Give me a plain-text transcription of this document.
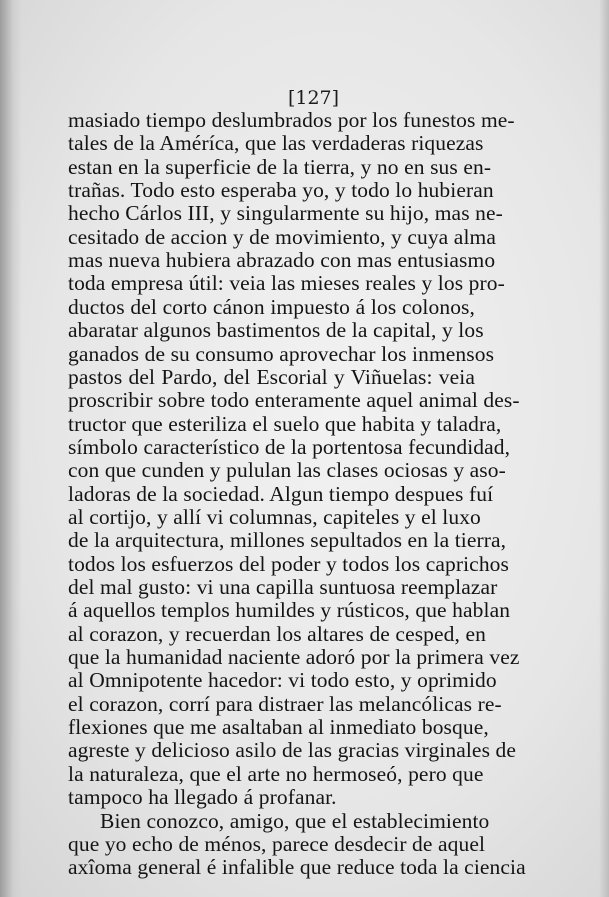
[127]
masiado tiempo deslumbrados por los funestos me-
tales de la Améríca, que las verdaderas riquezas
estan en la superficie de la tierra, y no en sus en-
trañas. Todo esto esperaba yo, y todo lo hubieran
hecho Cárlos III, y singularmente su hijo, mas ne-
cesitado de accion y de movimiento, y cuya alma
mas nueva hubiera abrazado con mas entusiasmo
toda empresa útil: veia las mieses reales y los pro-
ductos del corto cánon impuesto á los colonos,
abaratar algunos bastimentos de la capital, y los
ganados de su consumo aprovechar los inmensos
pastos del Pardo, del Escorial y Viñuelas: veia
proscribir sobre todo enteramente aquel animal des-
tructor que esteriliza el suelo que habita y taladra,
símbolo característico de la portentosa fecundidad,
con que cunden y pululan las clases ociosas y aso-
ladoras de la sociedad. Algun tiempo despues fuí
al cortijo, y allí vi columnas, capiteles y el luxo
de la arquitectura, millones sepultados en la tierra,
todos los esfuerzos del poder y todos los caprichos
del mal gusto: vi una capilla suntuosa reemplazar
á aquellos templos humildes y rústicos, que hablan
al corazon, y recuerdan los altares de cesped, en
que la humanidad naciente adoró por la primera vez
al Omnipotente hacedor: vi todo esto, y oprimido
el corazon, corrí para distraer las melancólicas re-
flexiones que me asaltaban al inmediato bosque,
agreste y delicioso asilo de las gracias virginales de
la naturaleza, que el arte no hermoseó, pero que
tampoco ha llegado á profanar.
Bien conozco, amigo, que el establecimiento
que yo echo de ménos, parece desdecir de aquel
axîoma general é infalible que reduce toda la ciencia
